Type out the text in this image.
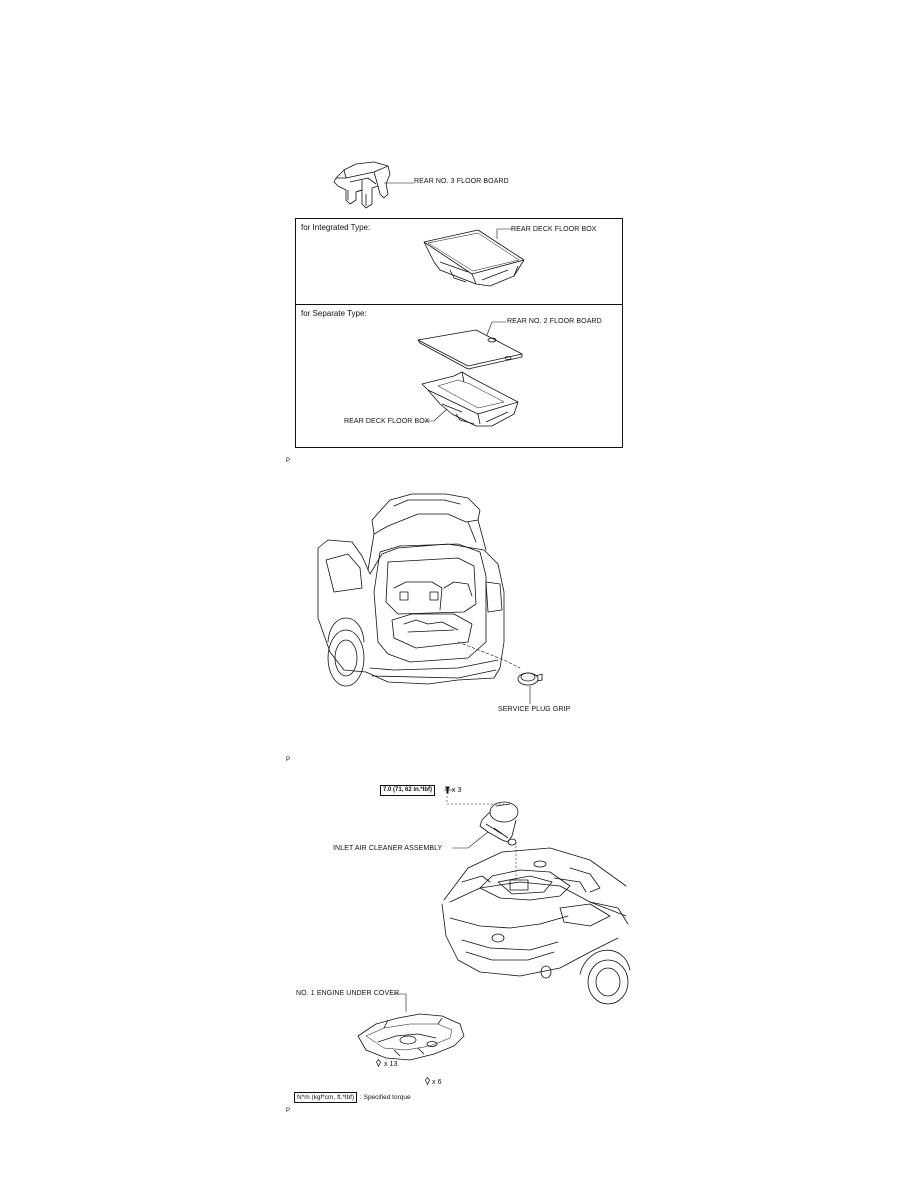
REAR NO. 3 FLOOR BOARD
for Integrated Type:	REAR DECK FLOOR BOX
for Separate Type:
REAR NO. 2 FLOOR BOARD
REAR DECK FLOOR BOX
P
SERVICE PLUG GRIP
P
7.0 (71, 62 in.*lbf)	x 3
INLET AIR CLEANER ASSEMBLY
NO. 1 ENGINE UNDER COVER
x 13
x 6
N*m (kgf*cm, ft.*lbf) : Specified torque
P
